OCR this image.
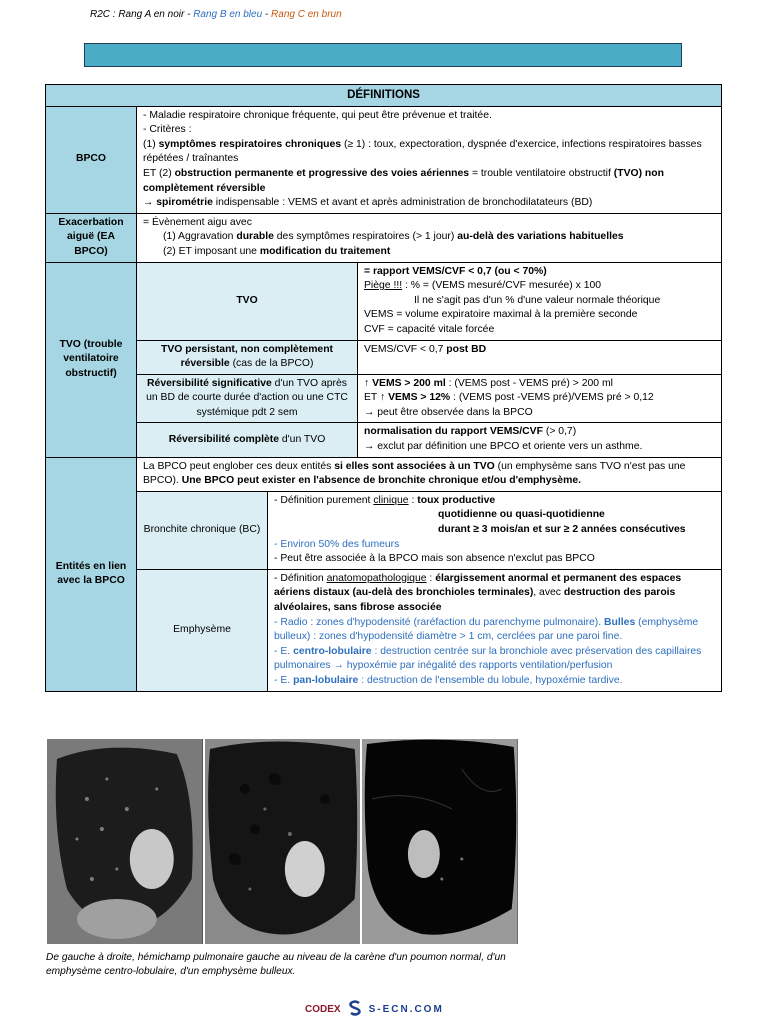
R2C : Rang A en noir - Rang B en bleu - Rang C en brun
DÉFINITIONS			
BPCO	- Maladie respiratoire chronique fréquente, qui peut être prévenue et traitée.
- Critères :
(1) symptômes respiratoires chroniques (≥ 1) : toux, expectoration, dyspnée d'exercice, infections respiratoires basses répétées / traînantes
ET (2) obstruction permanente et progressive des voies aériennes = trouble ventilatoire obstructif (TVO) non complètement réversible
→ spirométrie indispensable : VEMS et avant et après administration de bronchodilatateurs (BD)		

Exacerbation aiguë (EA BPCO)	= Évènement aigu avec
(1) Aggravation durable des symptômes respiratoires (> 1 jour) au-delà des variations habituelles
(2) ET imposant une modification du traitement		

TVO (trouble ventilatoire obstructif)	TVO		= rapport VEMS/CVF < 0,7 (ou < 70%)
Piège !!! : % = (VEMS mesuré/CVF mesurée) x 100
Il ne s'agit pas d'un % d'une valeur normale théorique
VEMS = volume expiratoire maximal à la première seconde
CVF = capacité vitale forcée

	TVO persistant, non complètement réversible (cas de la BPCO)		VEMS/CVF < 0,7 post BD
	Réversibilité significative d'un TVO après un BD de courte durée d'action ou une CTC systémique pdt 2 sem		↑ VEMS > 200 ml : (VEMS post - VEMS pré) > 200 ml
ET ↑ VEMS > 12% : (VEMS post -VEMS pré)/VEMS pré > 0,12
→ peut être observée dans la BPCO

	Réversibilité complète d'un TVO		normalisation du rapport VEMS/CVF (> 0,7)
→ exclut par définition une BPCO et oriente vers un asthme.

Entités en lien avec la BPCO	La BPCO peut englober ces deux entités si elles sont associées à un TVO (un emphysème sans TVO n'est pas une BPCO). Une BPCO peut exister en l'absence de bronchite chronique et/ou d'emphysème.		
	Bronchite chronique (BC)	- Définition purement clinique : toux productive
quotidienne ou quasi-quotidienne
durant ≥ 3 mois/an et sur ≥ 2 années consécutives
- Environ 50% des fumeurs
- Peut être associée à la BPCO mais son absence n'exclut pas BPCO	

	Emphysème	- Définition anatomopathologique : élargissement anormal et permanent des espaces aériens distaux (au-delà des bronchioles terminales), avec destruction des parois alvéolaires, sans fibrose associée
- Radio : zones d'hypodensité (raréfaction du parenchyme pulmonaire). Bulles (emphysème bulleux) : zones d'hypodensité diamètre > 1 cm, cerclées par une paroi fine.
- E. centro-lobulaire : destruction centrée sur la bronchiole avec préservation des capillaires pulmonaires → hypoxémie par inégalité des rapports ventilation/perfusion
- E. pan-lobulaire : destruction de l'ensemble du lobule, hypoxémie tardive.	
De gauche à droite, hémichamp pulmonaire gauche au niveau de la carène d'un poumon normal, d'un emphysème centro-lobulaire, d'un emphysème bulleux.
CODEX	S-ECN.COM
